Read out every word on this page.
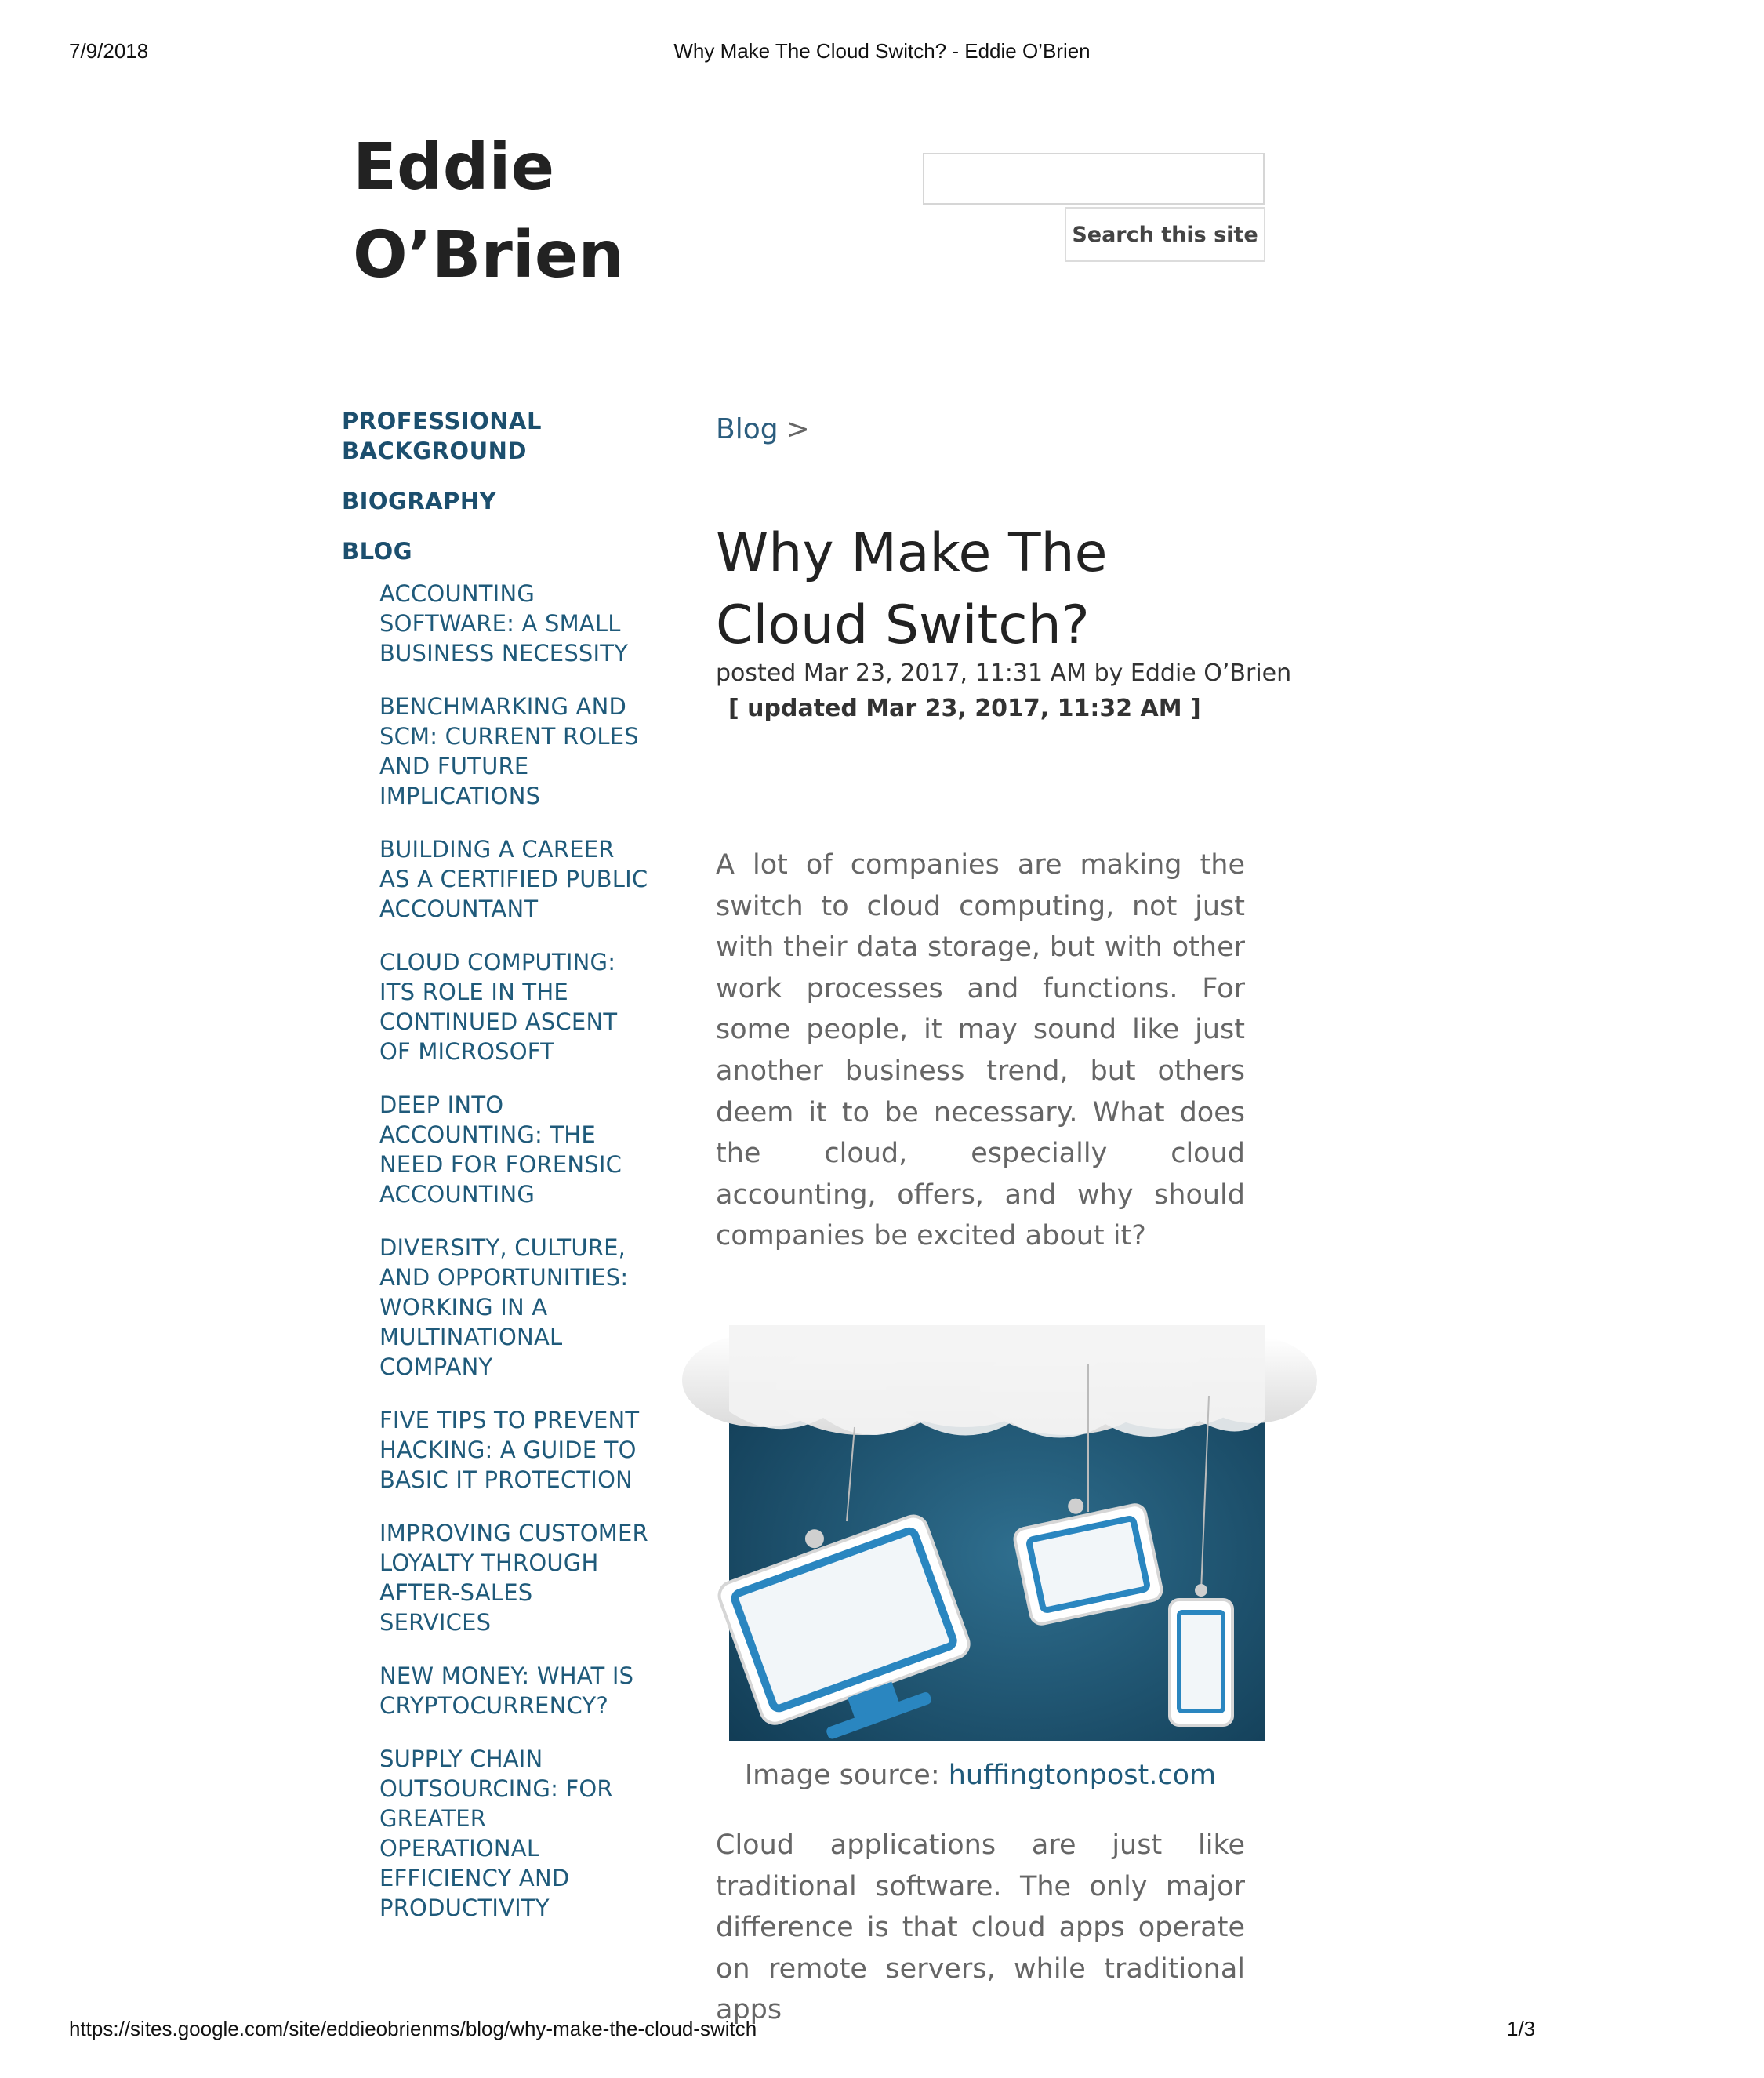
7/9/2018	Why Make The Cloud Switch? - Eddie O’Brien
Eddie
O’Brien	Search this site
PROFESSIONAL BACKGROUND
BIOGRAPHY
BLOG
ACCOUNTING SOFTWARE: A SMALL BUSINESS NECESSITY
BENCHMARKING AND SCM: CURRENT ROLES AND FUTURE IMPLICATIONS
BUILDING A CAREER AS A CERTIFIED PUBLIC ACCOUNTANT
CLOUD COMPUTING: ITS ROLE IN THE CONTINUED ASCENT OF MICROSOFT
DEEP INTO ACCOUNTING: THE NEED FOR FORENSIC ACCOUNTING
DIVERSITY, CULTURE, AND OPPORTUNITIES: WORKING IN A MULTINATIONAL COMPANY
FIVE TIPS TO PREVENT HACKING: A GUIDE TO BASIC IT PROTECTION
IMPROVING CUSTOMER LOYALTY THROUGH AFTER-SALES SERVICES
NEW MONEY: WHAT IS CRYPTOCURRENCY?
SUPPLY CHAIN OUTSOURCING: FOR GREATER OPERATIONAL EFFICIENCY AND PRODUCTIVITY
Blog >
Why Make The Cloud Switch?
posted Mar 23, 2017, 11:31 AM by Eddie O’Brien
[ updated Mar 23, 2017, 11:32 AM ]
A lot of companies are making the switch to cloud computing, not just with their data storage, but with other work processes and functions. For some people, it may sound like just another business trend, but others deem it to be necessary. What does the cloud, especially cloud accounting, offers, and why should companies be excited about it?
Image source: huffingtonpost.com
Cloud applications are just like traditional software. The only major difference is that cloud apps operate on remote servers, while traditional apps
https://sites.google.com/site/eddieobrienms/blog/why-make-the-cloud-switch	1/3
